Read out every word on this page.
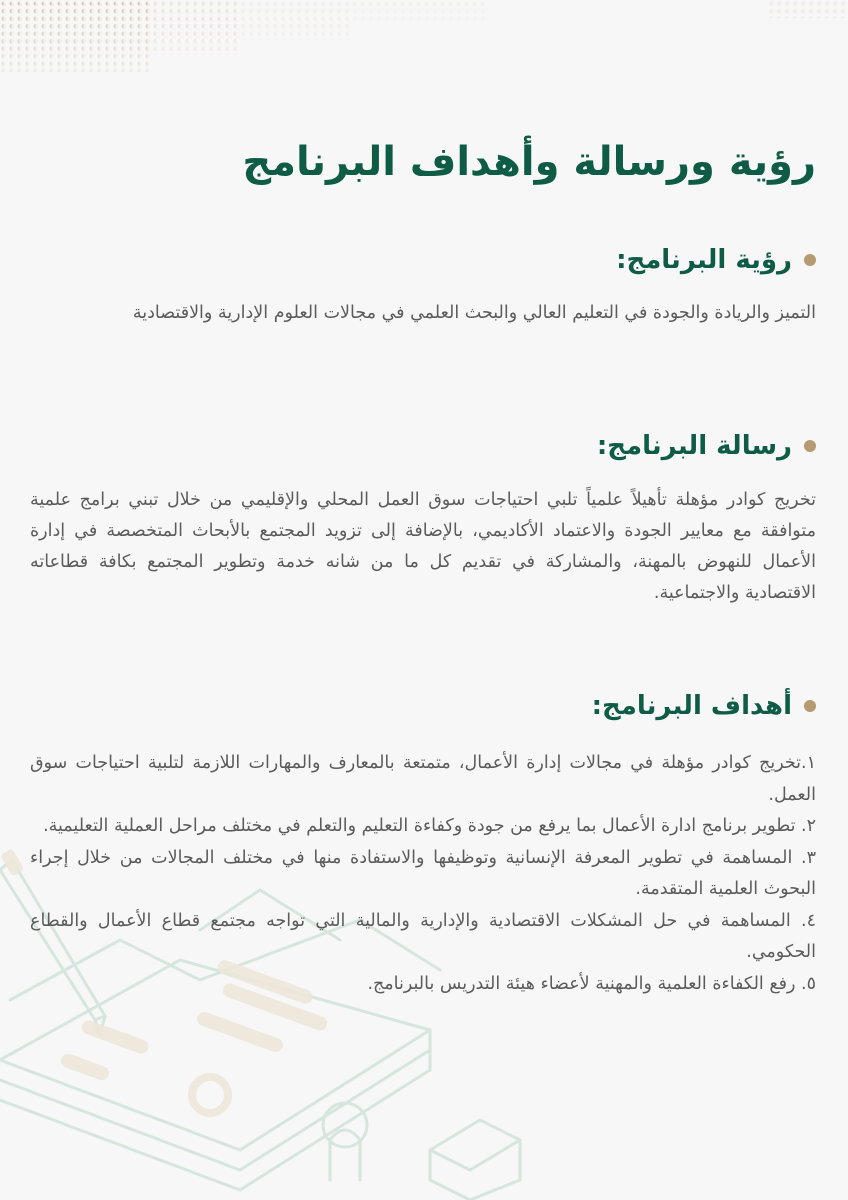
رؤية ورسالة وأهداف البرنامج
رؤية البرنامج:

التميز والريادة والجودة في التعليم العالي والبحث العلمي في مجالات العلوم الإدارية والاقتصادية

رسالة البرنامج:

تخريج كوادر مؤهلة تأهيلاً علمياً تلبي احتياجات سوق العمل المحلي والإقليمي من خلال تبني برامج علمية متوافقة مع معايير الجودة والاعتماد الأكاديمي، بالإضافة إلى تزويد المجتمع بالأبحاث المتخصصة في إدارة الأعمال للنهوض بالمهنة، والمشاركة في تقديم كل ما من شانه خدمة وتطوير المجتمع بكافة قطاعاته الاقتصادية والاجتماعية.

أهداف البرنامج:
١.تخريج كوادر مؤهلة في مجالات إدارة الأعمال، متمتعة بالمعارف والمهارات اللازمة لتلبية احتياجات سوق العمل.
٢. تطوير برنامج ادارة الأعمال بما يرفع من جودة وكفاءة التعليم والتعلم في مختلف مراحل العملية التعليمية.
٣. المساهمة في تطوير المعرفة الإنسانية وتوظيفها والاستفادة منها في مختلف المجالات من خلال إجراء البحوث العلمية المتقدمة.
٤. المساهمة في حل المشكلات الاقتصادية والإدارية والمالية التي تواجه مجتمع قطاع الأعمال والقطاع الحكومي.
٥. رفع الكفاءة العلمية والمهنية لأعضاء هيئة التدريس بالبرنامج.
